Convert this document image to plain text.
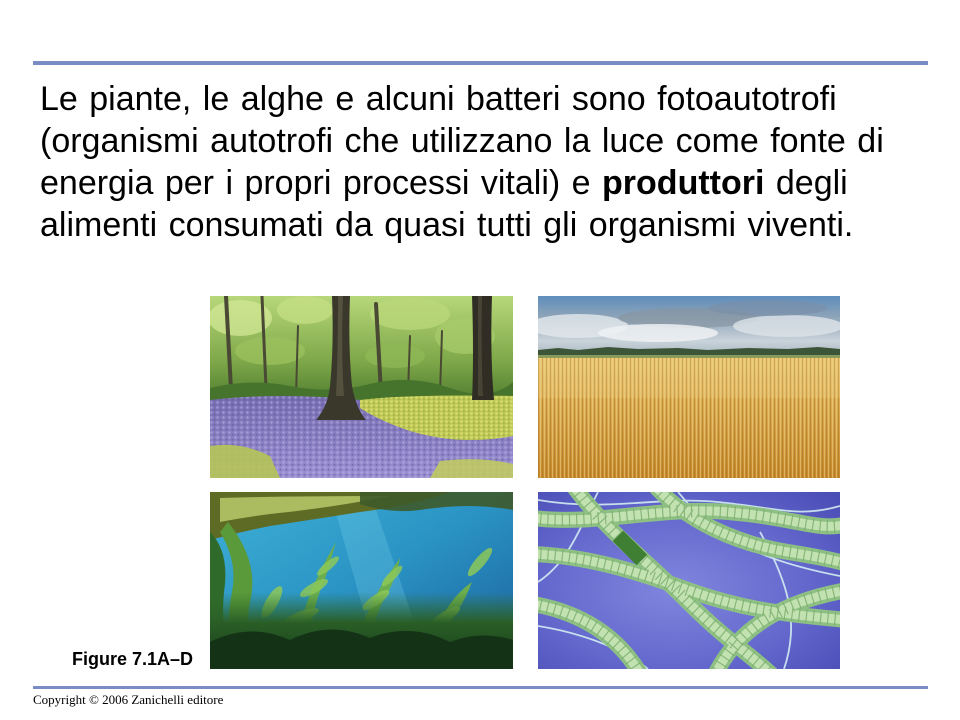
Le piante, le alghe e alcuni batteri sono fotoautotrofi
(organismi autotrofi che utilizzano la luce come fonte di
energia per i propri processi vitali) e produttori degli
alimenti consumati da quasi tutti gli organismi viventi.
Figure 7.1A–D
Copyright © 2006 Zanichelli editore
